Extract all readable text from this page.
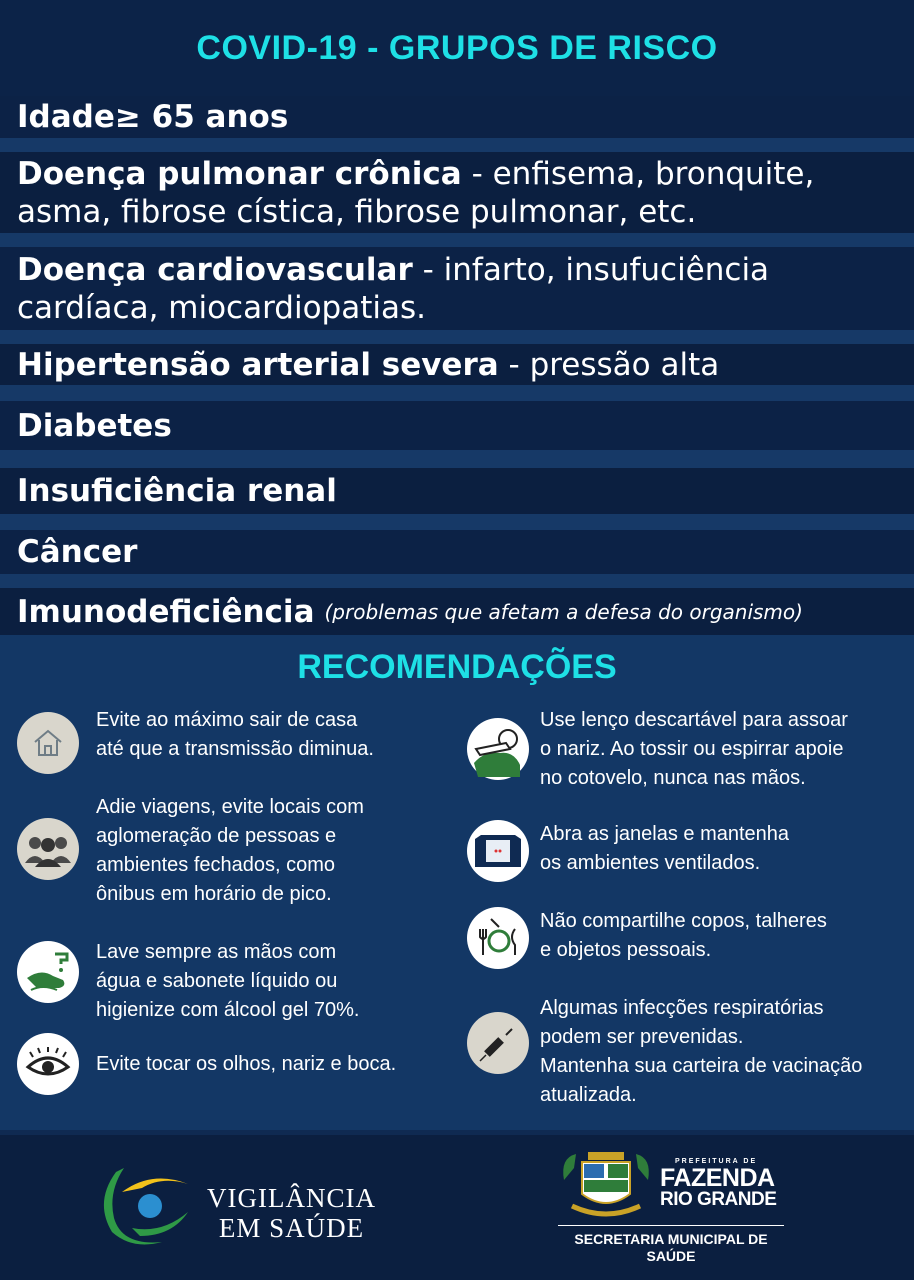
COVID-19 - GRUPOS DE RISCO
Idade≥ 65 anos
Doença pulmonar crônica - enfisema, bronquite,
asma, fibrose cística, fibrose pulmonar, etc.
Doença cardiovascular - infarto, insufuciência
cardíaca, miocardiopatias.
Hipertensão arterial severa - pressão alta
Diabetes
Insuficiência renal
Câncer
Imunodeficiência (problemas que afetam a defesa do organismo)
RECOMENDAÇÕES
Evite ao máximo sair de casa
até que a transmissão diminua.
Adie viagens, evite locais com
aglomeração de pessoas e
ambientes fechados, como
ônibus em horário de pico.
Lave sempre as mãos com
água e sabonete líquido ou
higienize com álcool gel 70%.
Evite tocar os olhos, nariz e boca.
Use lenço descartável para assoar
o nariz. Ao tossir ou espirrar apoie
no cotovelo, nunca nas mãos.
Abra as janelas e mantenha
os ambientes ventilados.
Não compartilhe copos, talheres
e objetos pessoais.
Algumas infecções respiratórias
podem ser prevenidas.
Mantenha sua carteira de vacinação
atualizada.
VIGILÂNCIA
EM SAÚDE
PREFEITURA DE
FAZENDA
RIO GRANDE
SECRETARIA MUNICIPAL DE
SAÚDE
